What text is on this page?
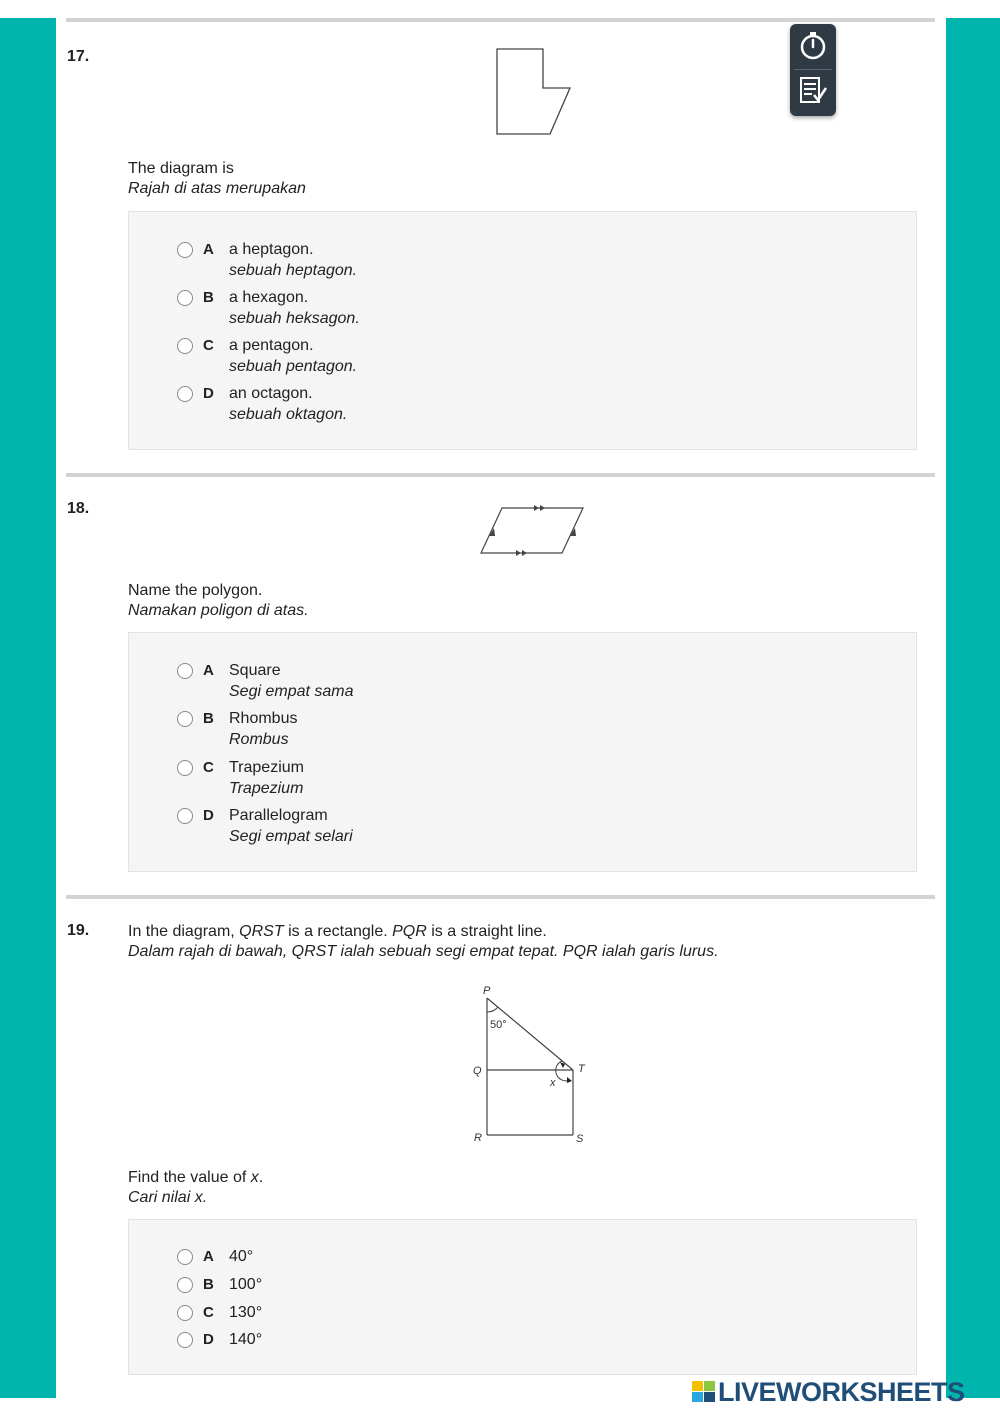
17.
The diagram is
Rajah di atas merupakan
A a heptagon.
sebuah heptagon.
B a hexagon.
sebuah heksagon.
C a pentagon.
sebuah pentagon.
D an octagon.
sebuah oktagon.
18.
Name the polygon.
Namakan poligon di atas.
A Square
Segi empat sama
B Rhombus
Rombus
C Trapezium
Trapezium
D Parallelogram
Segi empat selari
19. In the diagram, QRST is a rectangle. PQR is a straight line.
Dalam rajah di bawah, QRST ialah sebuah segi empat tepat. PQR ialah garis lurus.
P
50°
Q	T
x
R	S
Find the value of x.
Cari nilai x.
A 40°
B 100°
C 130°
D 140°
LIVEWORKSHEETS
